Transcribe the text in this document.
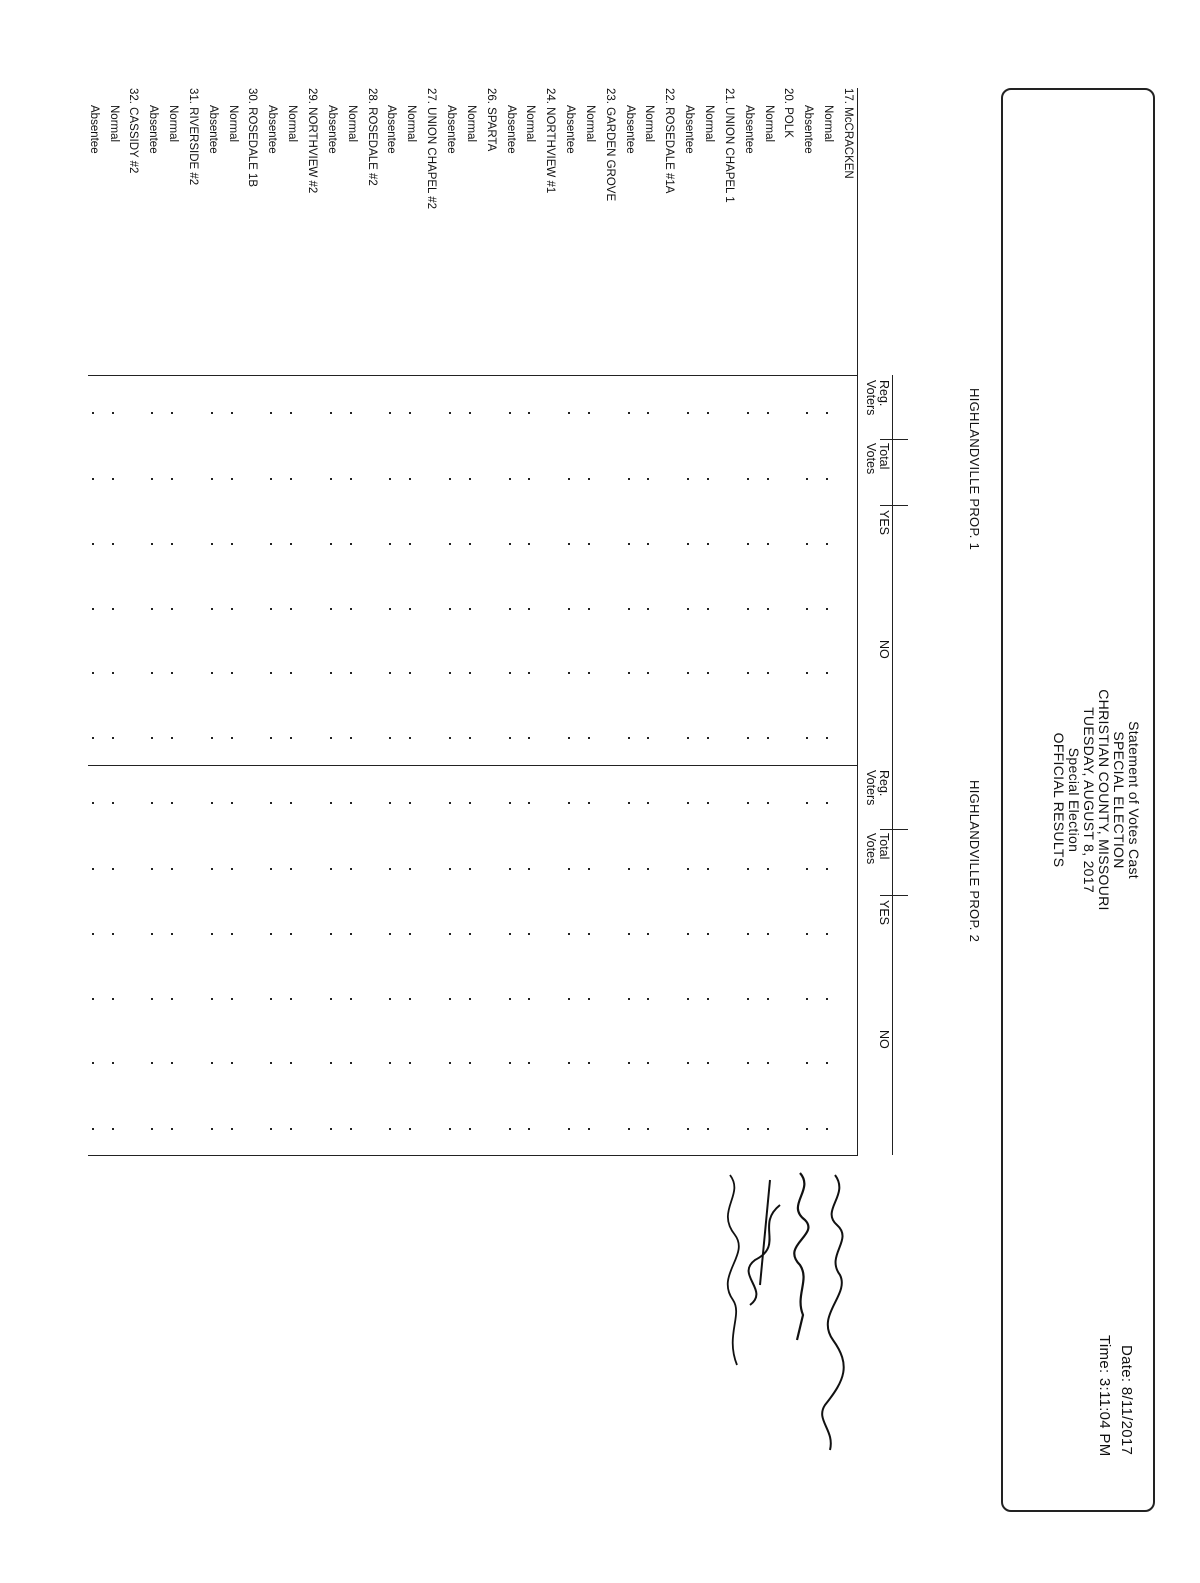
Statement of Votes Cast
SPECIAL ELECTION
CHRISTIAN COUNTY, MISSOURI
TUESDAY, AUGUST 8, 2017
Special Election
OFFICIAL RESULTS
Date: 8/11/2017
Time: 3:11:04 PM
HIGHLANDVILLE PROP. 1
Reg.
Voters
Total
Votes
YES
NO
HIGHLANDVILLE PROP. 2
Reg.
Voters
Total
Votes
YES
NO
17. McCRACKEN
Normal
Absentee
20. POLK
Normal
Absentee
21. UNION CHAPEL 1
Normal
Absentee
22. ROSEDALE #1A
Normal
Absentee
23. GARDEN GROVE
Normal
Absentee
24. NORTHVIEW #1
Normal
Absentee
26. SPARTA
Normal
Absentee
27. UNION CHAPEL #2
Normal
Absentee
28. ROSEDALE #2
Normal
Absentee
29. NORTHVIEW #2
Normal
Absentee
30. ROSEDALE 1B
Normal
Absentee
31. RIVERSIDE #2
Normal
Absentee
32. CASSIDY #2
Normal
Absentee
